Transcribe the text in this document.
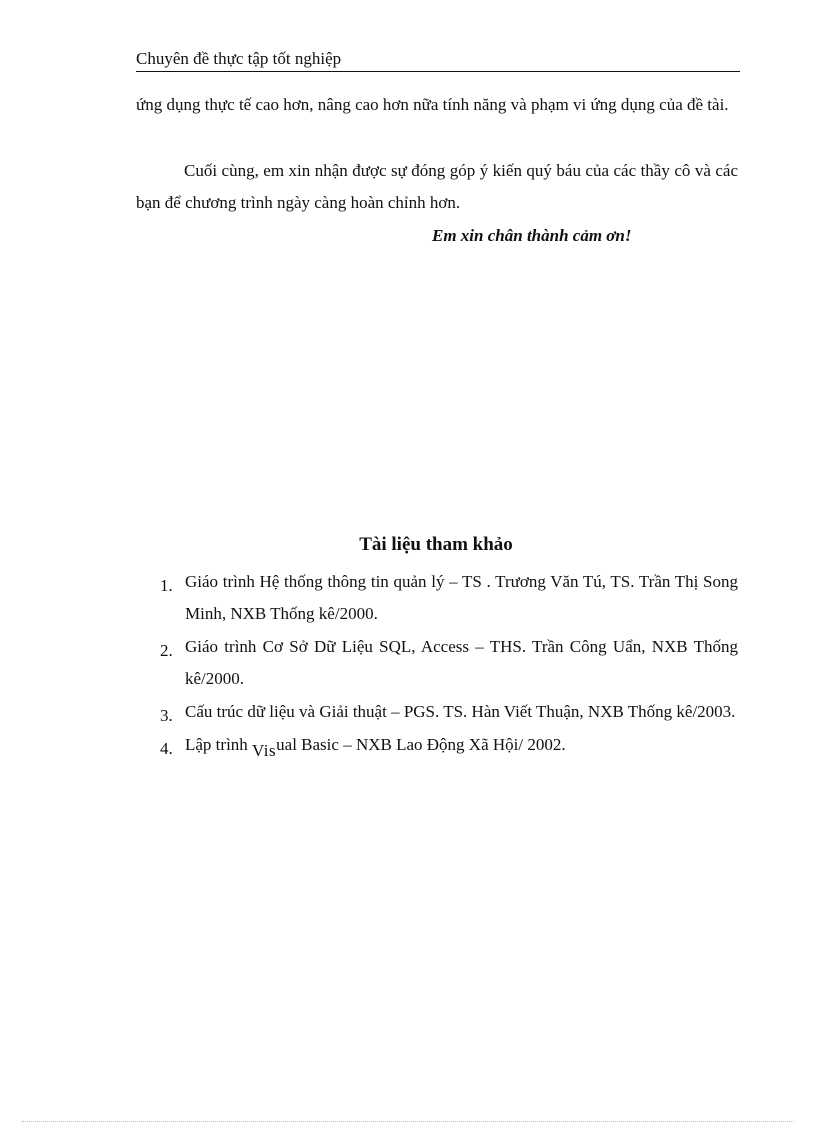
Chuyên đề thực tập tốt nghiệp
ứng dụng thực tế cao hơn, nâng cao hơn nữa tính năng và phạm vi ứng dụng của đề tài.
Cuối cùng, em xin nhận được sự đóng góp ý kiến quý báu của các thầy cô và các bạn để chương trình ngày càng hoàn chỉnh hơn.
Em xin chân thành cảm ơn!
Tài liệu tham khảo
1. Giáo trình Hệ thống thông tin quản lý – TS . Trương Văn Tú, TS. Trần Thị Song Minh, NXB Thống kê/2000.
2. Giáo trình Cơ Sở Dữ Liệu SQL, Access – THS. Trần Công Uẩn, NXB Thống kê/2000.
3. Cấu trúc dữ liệu và Giải thuật – PGS. TS. Hàn Viết Thuận, NXB Thống kê/2003.
4. Lập trình Visual Basic – NXB Lao Động Xã Hội/ 2002.
